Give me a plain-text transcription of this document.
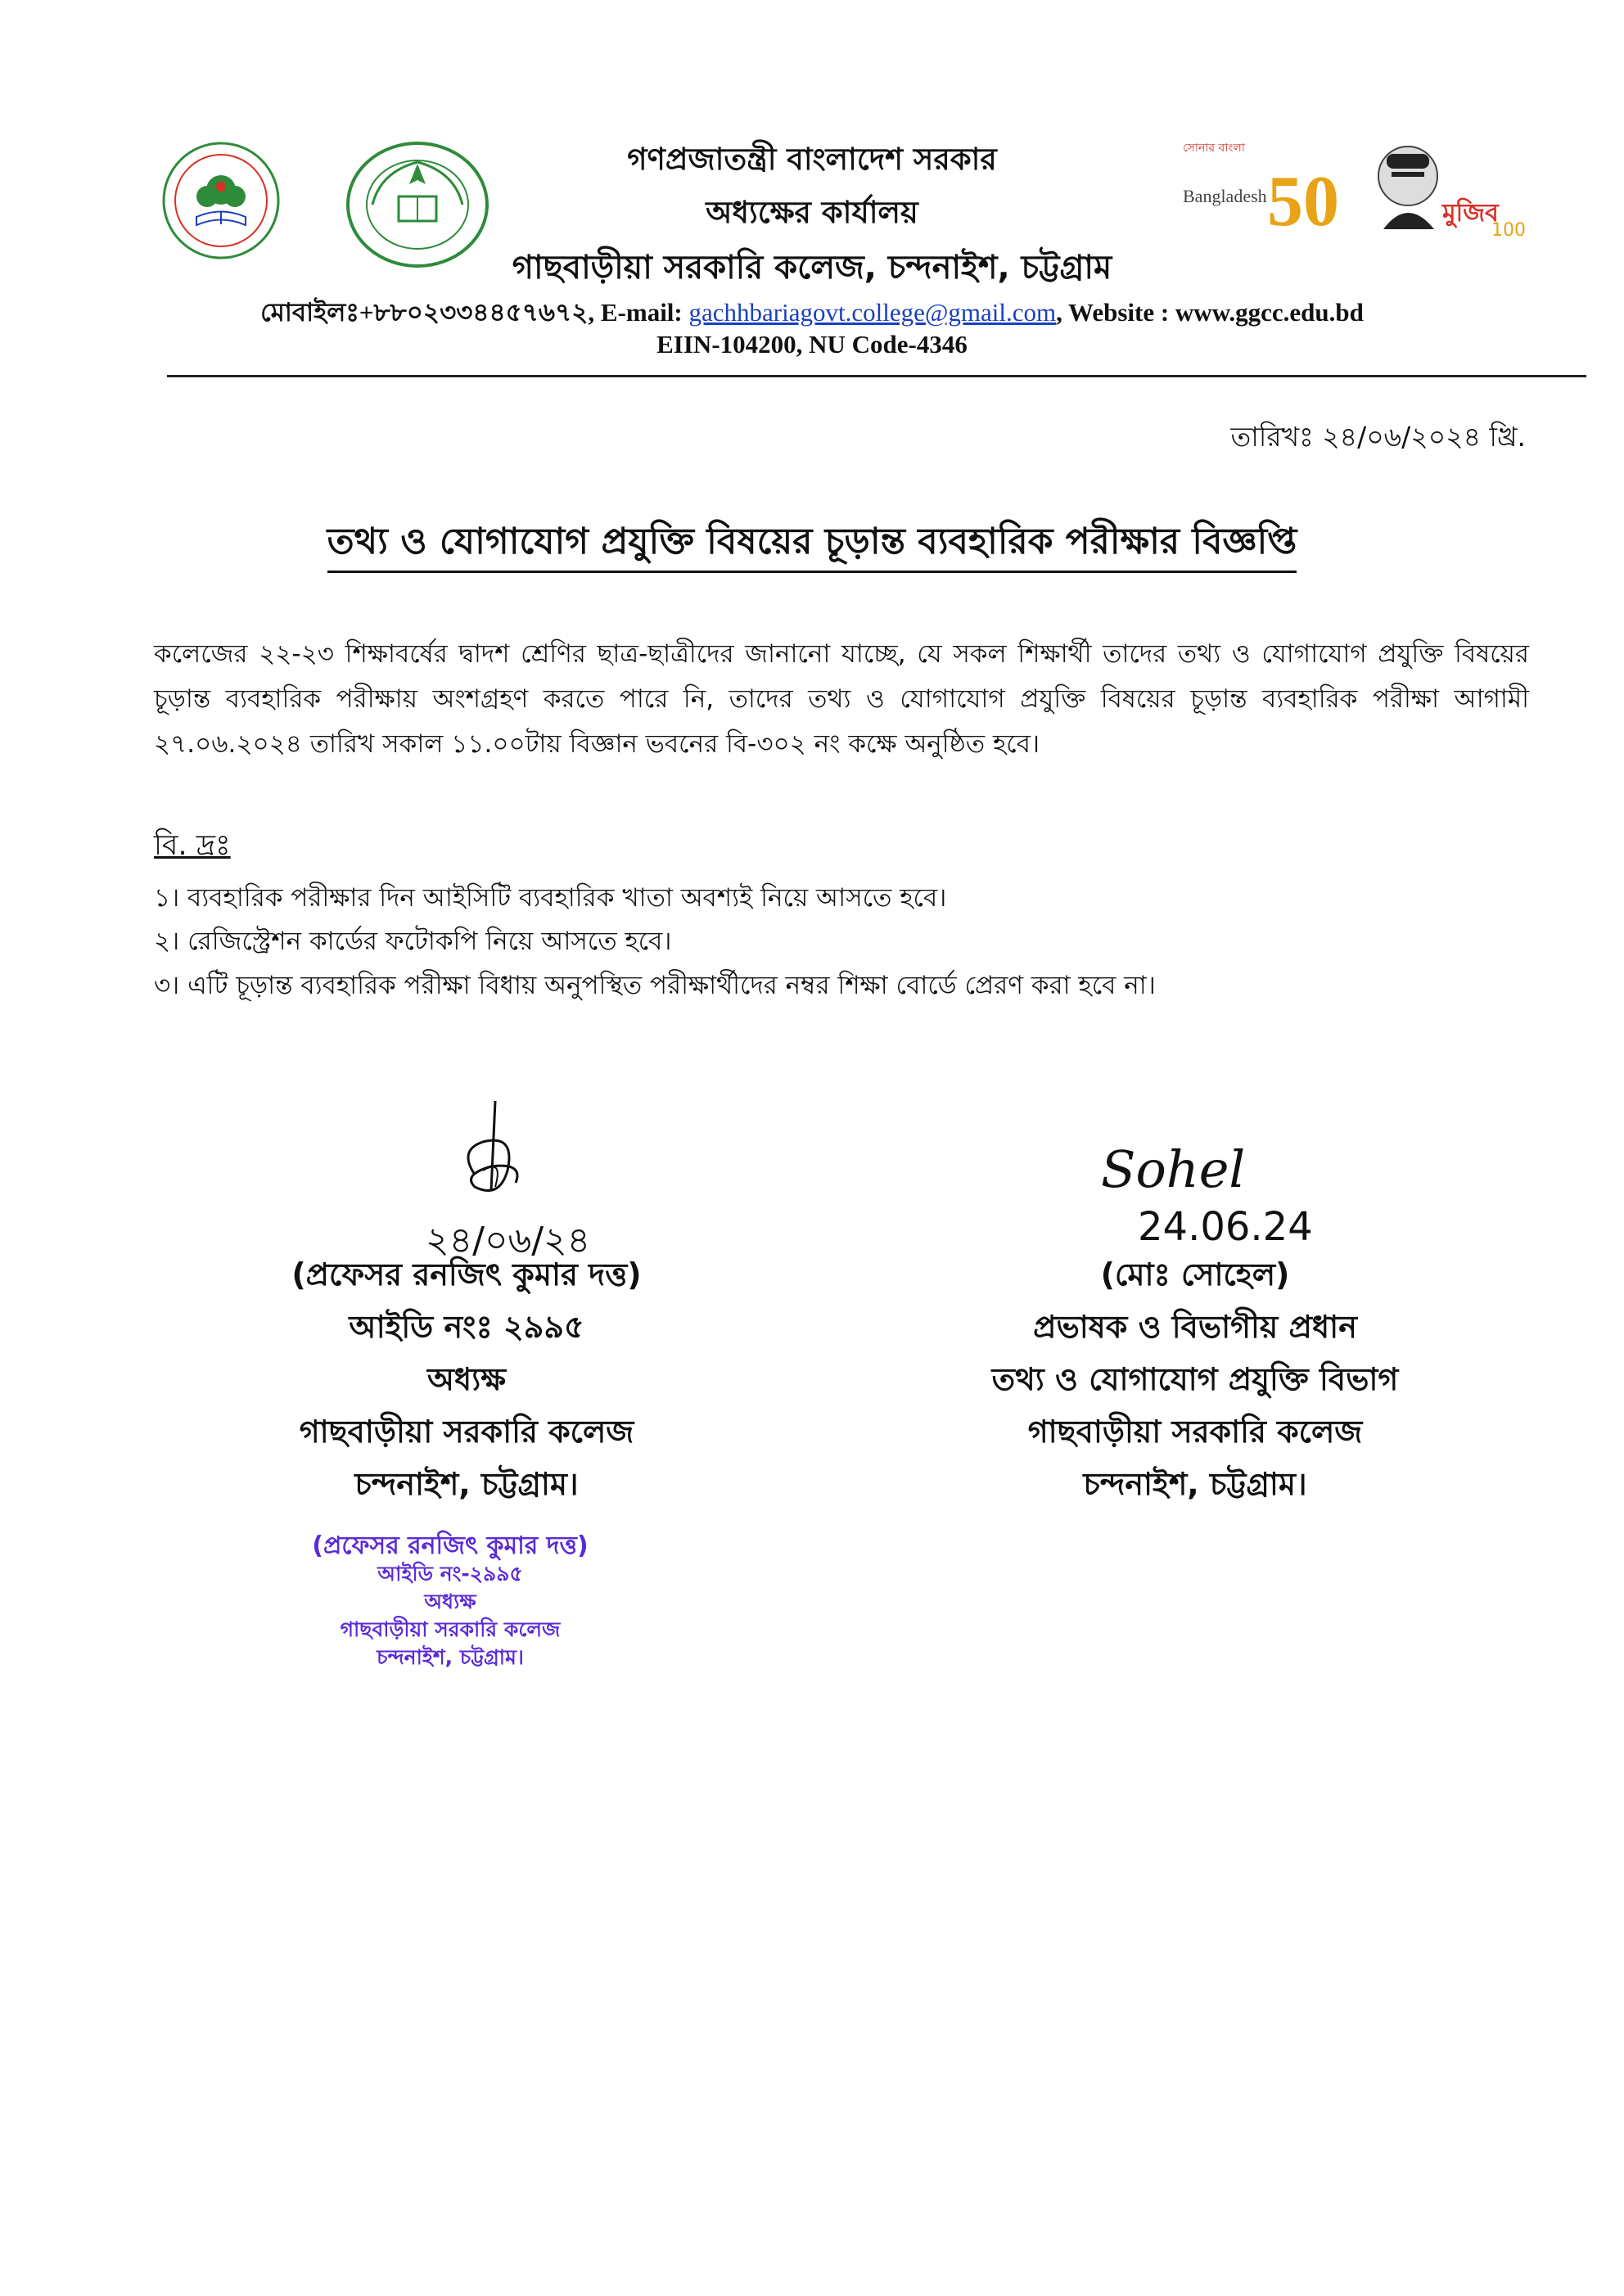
সোনার বাংলা
Bangladesh 50	মুজিব
100
গণপ্রজাতন্ত্রী বাংলাদেশ সরকার
অধ্যক্ষের কার্যালয়
গাছবাড়ীয়া সরকারি কলেজ, চন্দনাইশ, চট্টগ্রাম
মোবাইলঃ+৮৮০২৩৩৪৪৫৭৬৭২, E-mail: gachhbariagovt.college@gmail.com, Website : www.ggcc.edu.bd
EIIN-104200, NU Code-4346
তারিখঃ ২৪/০৬/২০২৪ খ্রি.
তথ্য ও যোগাযোগ প্রযুক্তি বিষয়ের চূড়ান্ত ব্যবহারিক পরীক্ষার বিজ্ঞপ্তি
কলেজের ২২-২৩ শিক্ষাবর্ষের দ্বাদশ শ্রেণির ছাত্র-ছাত্রীদের জানানো যাচ্ছে, যে সকল শিক্ষার্থী তাদের তথ্য ও যোগাযোগ প্রযুক্তি বিষয়ের চূড়ান্ত ব্যবহারিক পরীক্ষায় অংশগ্রহণ করতে পারে নি, তাদের তথ্য ও যোগাযোগ প্রযুক্তি বিষয়ের চূড়ান্ত ব্যবহারিক পরীক্ষা আগামী ২৭.০৬.২০২৪ তারিখ সকাল ১১.০০টায় বিজ্ঞান ভবনের বি-৩০২ নং কক্ষে অনুষ্ঠিত হবে।
বি. দ্রঃ
১। ব্যবহারিক পরীক্ষার দিন আইসিটি ব্যবহারিক খাতা অবশ্যই নিয়ে আসতে হবে।
২। রেজিস্ট্রেশন কার্ডের ফটোকপি নিয়ে আসতে হবে।
৩। এটি চূড়ান্ত ব্যবহারিক পরীক্ষা বিধায় অনুপস্থিত পরীক্ষার্থীদের নম্বর শিক্ষা বোর্ডে প্রেরণ করা হবে না।
২৪/০৬/২৪
(প্রফেসর রনজিৎ কুমার দত্ত)
আইডি নংঃ ২৯৯৫
অধ্যক্ষ
গাছবাড়ীয়া সরকারি কলেজ
চন্দনাইশ, চট্টগ্রাম।
(প্রফেসর রনজিৎ কুমার দত্ত)
আইডি নং-২৯৯৫
অধ্যক্ষ
গাছবাড়ীয়া সরকারি কলেজ
চন্দনাইশ, চট্টগ্রাম।
Sohel
24.06.24
(মোঃ সোহেল)
প্রভাষক ও বিভাগীয় প্রধান
তথ্য ও যোগাযোগ প্রযুক্তি বিভাগ
গাছবাড়ীয়া সরকারি কলেজ
চন্দনাইশ, চট্টগ্রাম।
